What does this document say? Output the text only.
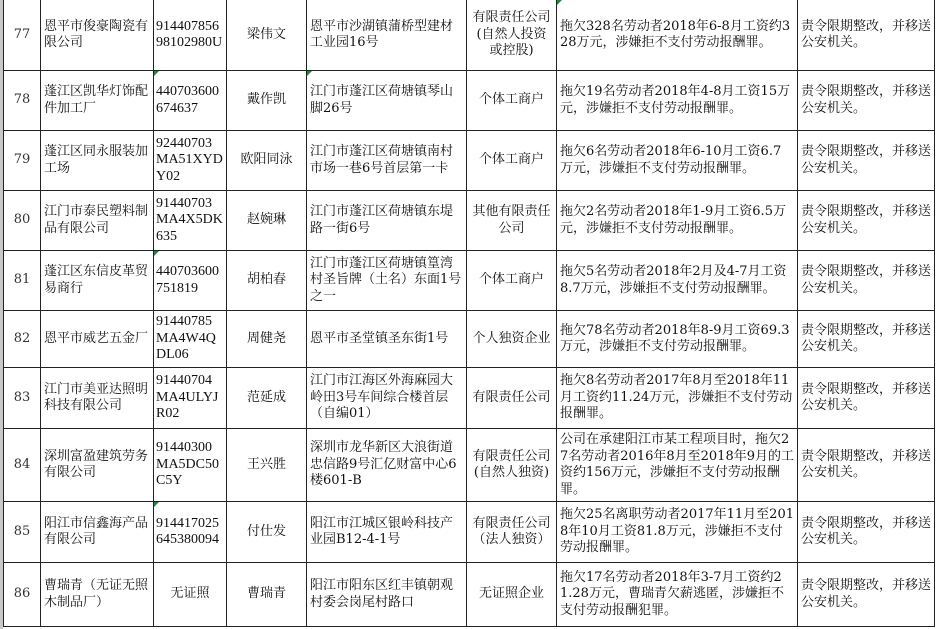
77	恩平市俊豪陶瓷有限公司	91440785698102980U	梁伟文	恩平市沙湖镇蒲桥型建材工业园16号	有限责任公司(自然人投资或控股)	拖欠328名劳动者2018年6-8月工资约328万元，涉嫌拒不支付劳动报酬罪。	责令限期整改，并移送公安机关。
78	蓬江区凯华灯饰配件加工厂	440703600674637	戴作凯	江门市蓬江区荷塘镇琴山脚26号	个体工商户	拖欠19名劳动者2018年4-8月工资15万元，涉嫌拒不支付劳动报酬罪。	责令限期整改，并移送公安机关。
79	蓬江区同永服装加工场	92440703MA51XYDY02	欧阳同泳	江门市蓬江区荷塘镇南村市场一巷6号首层第一卡	个体工商户	拖欠6名劳动者2018年6-10月工资6.7万元，涉嫌拒不支付劳动报酬罪。	责令限期整改，并移送公安机关。
80	江门市泰民塑料制品有限公司	91440703MA4X5DK635	赵婉琳	江门市蓬江区荷塘镇东堤路一街6号	其他有限责任公司	拖欠2名劳动者2018年1-9月工资6.5万元，涉嫌拒不支付劳动报酬罪。	责令限期整改，并移送公安机关。
81	蓬江区东信皮革贸易商行	440703600751819	胡柏春	江门市蓬江区荷塘镇篁湾村圣旨牌（土名）东面1号之一	个体工商户	拖欠5名劳动者2018年2月及4-7月工资8.7万元，涉嫌拒不支付劳动报酬罪。	责令限期整改，并移送公安机关。
82	恩平市威艺五金厂	91440785MA4W4QDL06	周健尧	恩平市圣堂镇圣东街1号	个人独资企业	拖欠78名劳动者2018年8-9月工资69.3万元，涉嫌拒不支付劳动报酬罪。	责令限期整改，并移送公安机关。
83	江门市美亚达照明科技有限公司	91440704MA4ULYJR02	范延成	江门市江海区外海麻园大岭田3号车间综合楼首层（自编01）	有限责任公司	拖欠8名劳动者2017年8月至2018年11月工资约11.24万元，涉嫌拒不支付劳动报酬罪。	责令限期整改，并移送公安机关。
84	深圳富盈建筑劳务有限公司	91440300MA5DC50C5Y	王兴胜	深圳市龙华新区大浪街道忠信路9号汇亿财富中心6楼601-B	有限责任公司(自然人独资)	公司在承建阳江市某工程项目时，拖欠27名劳动者2016年8月至2018年9月的工资约156万元，涉嫌拒不支付劳动报酬罪。	责令限期整改，并移送公安机关。
85	阳江市信鑫海产品有限公司	914417025645380094	付仕发	阳江市江城区银岭科技产业园B12-4-1号	有限责任公司（法人独资）	拖欠25名离职劳动者2017年11月至2018年10月工资81.8万元，涉嫌拒不支付劳动报酬罪。	责令限期整改，并移送公安机关。
86	曹瑞青（无证无照木制品厂）	无证照	曹瑞青	阳江市阳东区红丰镇朝观村委会岗尾村路口	无证照企业	拖欠17名劳动者2018年3-7月工资约21.28万元，曹瑞青欠薪逃匿，涉嫌拒不支付劳动报酬犯罪。	责令限期整改，并移送公安机关。
